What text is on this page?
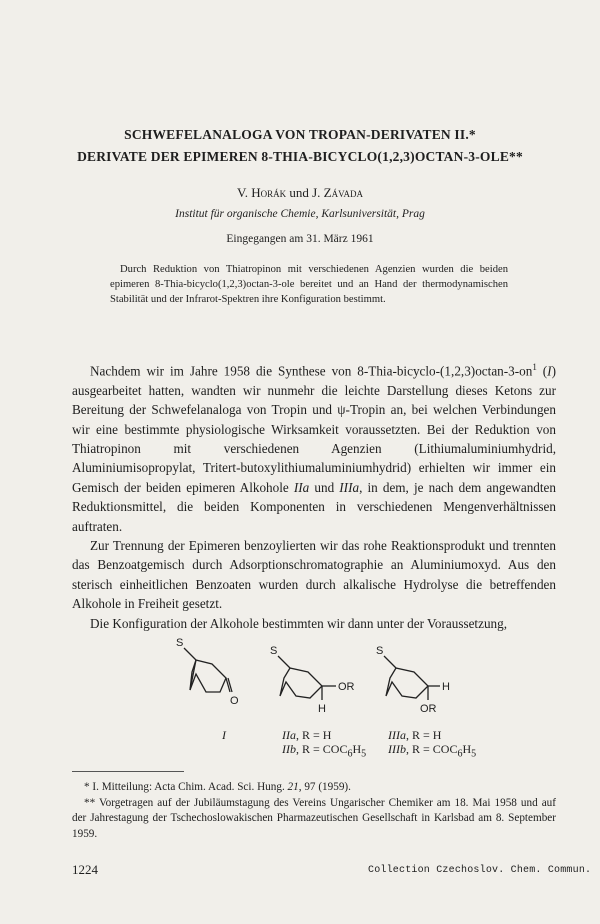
SCHWEFELANALOGA VON TROPAN-DERIVATEN II.*
DERIVATE DER EPIMEREN 8-THIA-BICYCLO(1,2,3)OCTAN-3-OLE**
V. Horák und J. Závada
Institut für organische Chemie, Karlsuniversität, Prag
Eingegangen am 31. März 1961

Durch Reduktion von Thiatropinon mit verschiedenen Agenzien wurden die beiden epimeren 8-Thia-bicyclo(1,2,3)octan-3-ole bereitet und an Hand der thermodynamischen Stabilität und der Infrarot-Spektren ihre Konfiguration bestimmt.

Nachdem wir im Jahre 1958 die Synthese von $8-Thia-bicyclo-(1,2,3)octan-3-on^1$ (I) ausgearbeitet hatten, wandten wir nunmehr die leichte Darstellung dieses Ketons zur Bereitung der Schwefelanaloga von Tropin und ψ-Tropin an, bei welchen Verbindungen wir eine bestimmte physiologische Wirksamkeit voraussetzten. Bei der Reduktion von Thiatropinon mit verschiedenen Agenzien (Lithiumaluminiumhydrid, Aluminiumisopropylat, Tritert-butoxylithiumaluminiumhydrid) erhielten wir immer ein Gemisch der beiden epimeren Alkohole IIa und IIIa, in dem, je nach dem angewandten Reduktionsmittel, die beiden Komponenten in verschiedenen Mengenverhältnissen auftraten.

Zur Trennung der Epimeren benzoylierten wir das rohe Reaktionsprodukt und trennten das Benzoatgemisch durch Adsorptionschromatographie an Aluminiumoxyd. Aus den sterisch einheitlichen Benzoaten wurden durch alkalische Hydrolyse die betreffenden Alkohole in Freiheit gesetzt.

Die Konfiguration der Alkohole bestimmten wir dann unter der Voraussetzung,

S
O
S
OR
H
S
H
OR
I	IIa, R = H
IIb, $R = COC_6H_5$
IIIa, R = H
IIIb, $R = COC_6H_5$

* I. Mitteilung: Acta Chim. Acad. Sci. Hung. 21, 97 (1959).

** Vorgetragen auf der Jubiläumstagung des Vereins Ungarischer Chemiker am 18. Mai 1958 und auf der Jahrestagung der Tschechoslowakischen Pharmazeutischen Gesellschaft in Karlsbad am 8. September 1959.

1224	Collection Czechoslov. Chem. Commun.
